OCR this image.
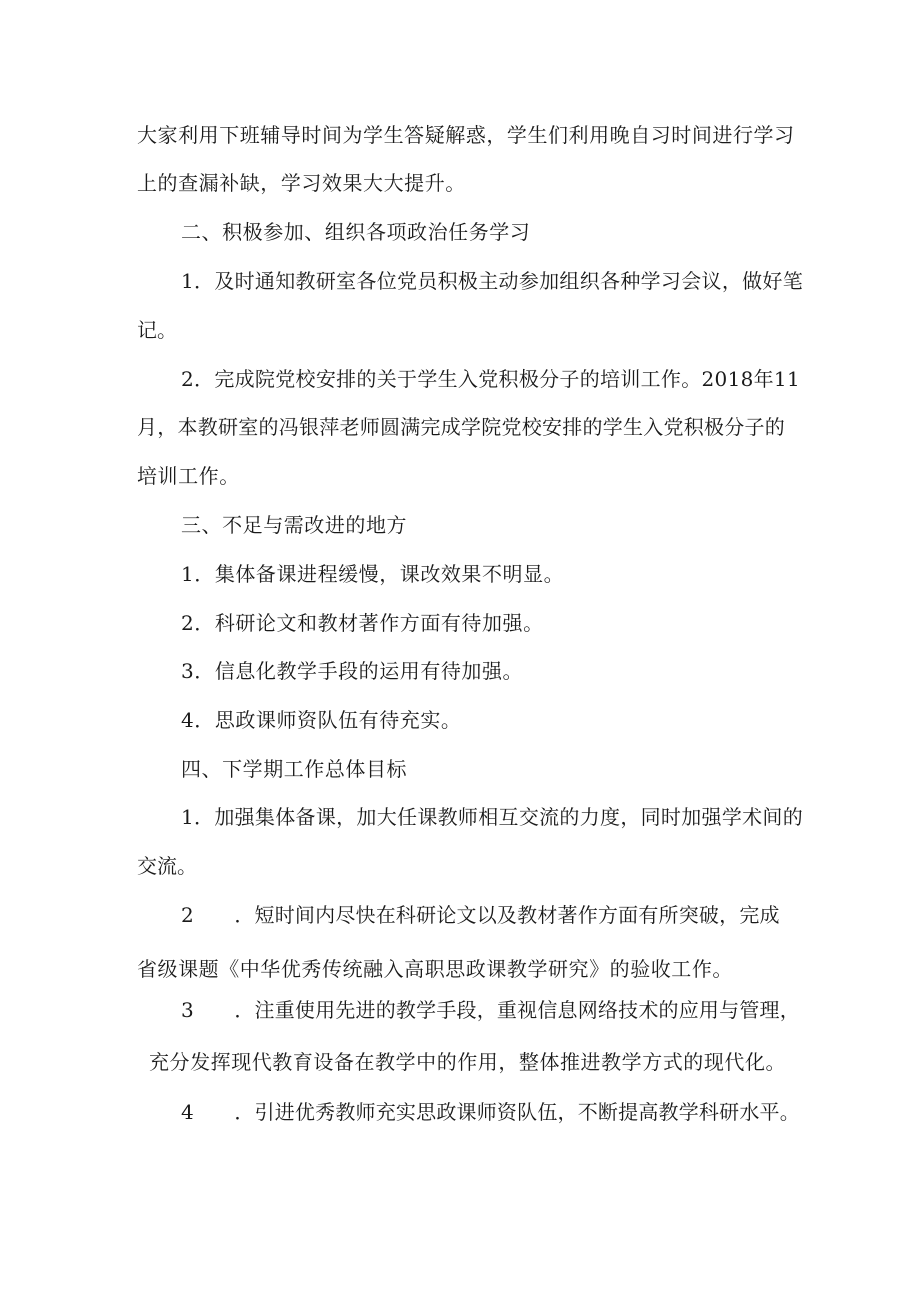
大家利用下班辅导时间为学生答疑解惑，学生们利用晚自习时间进行学习
上的查漏补缺，学习效果大大提升。
二、积极参加、组织各项政治任务学习
1．及时通知教研室各位党员积极主动参加组织各种学习会议，做好笔
记。
2．完成院党校安排的关于学生入党积极分子的培训工作。2018年11
月，本教研室的冯银萍老师圆满完成学院党校安排的学生入党积极分子的
培训工作。
三、不足与需改进的地方
1．集体备课进程缓慢，课改效果不明显。
2．科研论文和教材著作方面有待加强。
3．信息化教学手段的运用有待加强。
4．思政课师资队伍有待充实。
四、下学期工作总体目标
1．加强集体备课，加大任课教师相互交流的力度，同时加强学术间的
交流。
2　　．短时间内尽快在科研论文以及教材著作方面有所突破，完成
省级课题《中华优秀传统融入高职思政课教学研究》的验收工作。
3　　．注重使用先进的教学手段，重视信息网络技术的应用与管理，
充分发挥现代教育设备在教学中的作用，整体推进教学方式的现代化。
4　　．引进优秀教师充实思政课师资队伍，不断提高教学科研水平。
